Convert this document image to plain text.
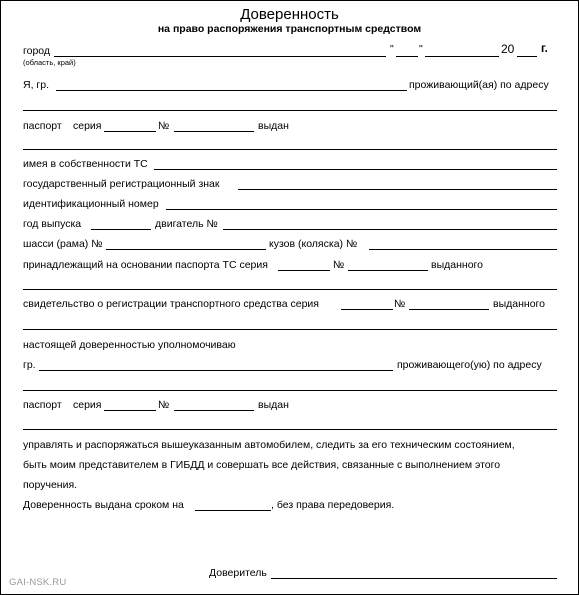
Доверенность
на право распоряжения транспортным средством
город	" "	20 г.
(область, край)
Я, гр.	проживающий(ая) по адресу
паспорт серия	№	выдан
имея в собственности ТС
государственный регистрационный знак
идентификационный номер
год выпуска	двигатель №
шасси (рама) №	кузов (коляска) №
принадлежащий на основании паспорта ТС серия	№	выданного
свидетельство о регистрации транспортного средства серия	№	выданного
настоящей доверенностью уполномочиваю
гр.	проживающего(ую) по адресу
паспорт серия	№	выдан
управлять и распоряжаться вышеуказанным автомобилем, следить за его техническим состоянием,
быть моим представителем в ГИБДД и совершать все действия, связанные с выполнением этого
поручения.
Доверенность выдана сроком на	, без права передоверия.
Доверитель
GAI-NSK.RU
